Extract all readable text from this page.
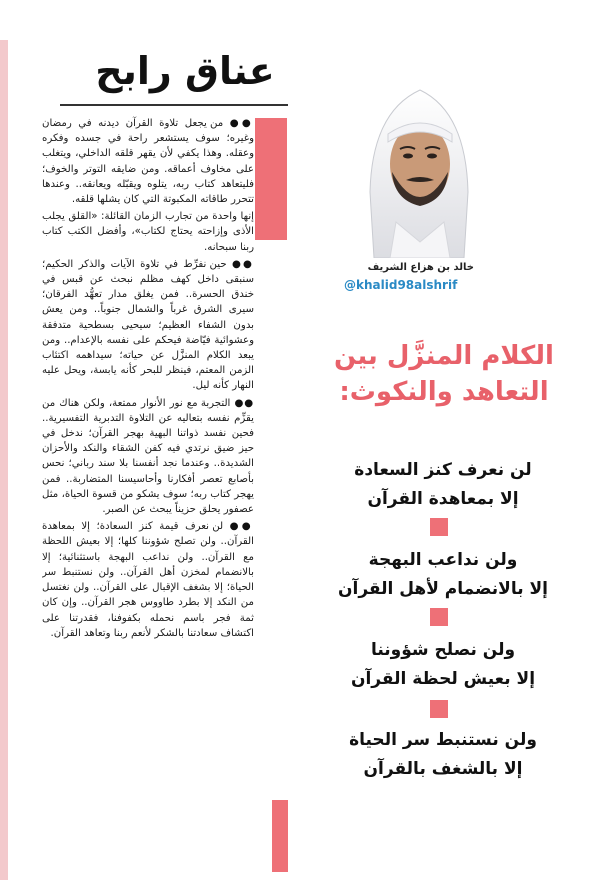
عناق رابح

●● من يجعل تلاوة القرآن ديدنه في رمضان وغيره؛ سوف يستشعر راحة في جسده وفكره وعقله. وهذا يكفي لأن يقهر قلقه الداخلي، ويتغلب على مخاوف أعماقه. ومن ضايقه التوتر والخوف؛ فليتعاهد كتاب ربه، يتلوه ويقبّله ويعانقه.. وعندها تتحرر طاقاته المكبوتة التي كان يشلها قلقه.

إنها واحدة من تجارب الزمان القائلة: «القلق يجلب الأذى وإزاحته يحتاج لكتاب»، وأفضل الكتب كتاب ربنا سبحانه.

●● حين نفرِّط في تلاوة الآيات والذكر الحكيم؛ سنبقى داخل كهف مظلم نبحث عن قبس في خندق الحسرة.. فمن يغلق مدار تعهُّد الفرقان؛ سيرى الشرق غرباً والشمال جنوباً.. ومن يعش بدون الشفاء العظيم؛ سيحيى بسطحية متدفقة وعشوائية فيّاضة فيحكم على نفسه بالإعدام.. ومن يبعد الكلام المنزَّل عن حياته؛ سيداهمه اكتئاب الزمن المعتم، فينظر للبحر كأنه يابسة، ويحل عليه النهار كأنه ليل.

●● التجربة مع نور الأنوار ممتعة، ولكن هناك من يقزِّم نفسه بتعاليه عن التلاوة التدبرية التفسيرية.. فحين نفسد ذواتنا البهية بهجر القرآن؛ ندخل في حيز ضيق نرتدي فيه كفن الشقاء والنكد والأحزان الشديدة.. وعندما نجد أنفسنا بلا سند رباني؛ نحس بأصابع تعصر أفكارنا وأحاسيسنا المتضاربة.. فمن يهجر كتاب ربه؛ سوف يشكو من قسوة الحياة، مثل عصفور يحلق حزيناً يبحث عن الصبر.

●● لن نعرف قيمة كنز السعادة؛ إلا بمعاهدة القرآن.. ولن تصلح شؤوننا كلها؛ إلا بعيش اللحظة مع القرآن.. ولن نداعب البهجة باستثنائية؛ إلا بالانضمام لمخزن أهل القرآن.. ولن نستنبط سر الحياة؛ إلا بشغف الإقبال على القرآن.. ولن نغتسل من النكد إلا بطرد طاووس هجر القرآن.. وإن كان ثمة فجر باسم نحمله بكفوفنا، فقدرتنا على اكتشاف سعادتنا بالشكر لأنعم ربنا وتعاهد القرآن.

خالد بن هزاع الشريف
@khalid98alshrif
الكلام المنزَّل بين
التعاهد والنكوث:
لن نعرف كنز السعادة
إلا بمعاهدة القرآن
ولن نداعب البهجة
إلا بالانضمام لأهل القرآن
ولن نصلح شؤوننا
إلا بعيش لحظة القرآن
ولن نستنبط سر الحياة
إلا بالشغف بالقرآن
